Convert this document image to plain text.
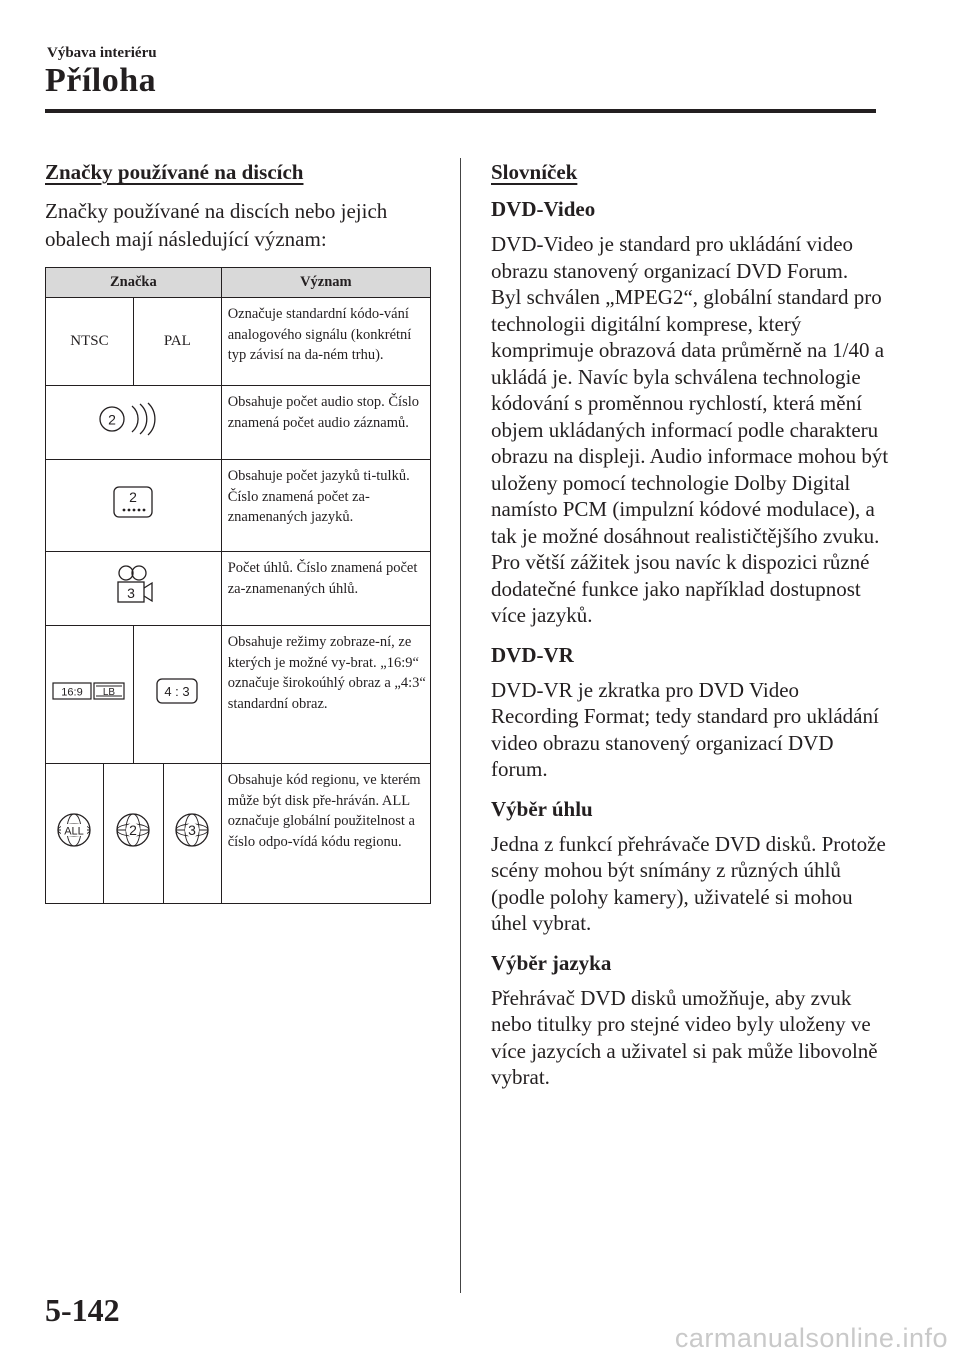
Výbava interiéru
Příloha
Značky používané na discích

Značky používané na discích nebo jejich obalech mají následující význam:

Značka				Význam
NTSC		PAL		Označuje standardní kódo-vání analogového signálu (konkrétní typ závisí na da-ném trhu).

2				Obsahuje počet audio stop. Číslo znamená počet audio záznamů.

2				Obsahuje počet jazyků ti-tulků. Číslo znamená počet za-znamenaných jazyků.

3				Počet úhlů. Číslo znamená počet za-znamenaných úhlů.

16:9 LB		4 : 3		Obsahuje režimy zobraze-ní, ze kterých je možné vy-brat. „16:9“ označuje širokoúhlý obraz a „4:3“ standardní obraz.

ALL	2		3	Obsahuje kód regionu, ve kterém může být disk pře-hráván. ALL označuje globální použitelnost a číslo odpo-vídá kódu regionu.
Slovníček
DVD-Video

DVD-Video je standard pro ukládání video obrazu stanovený organizací DVD Forum.

Byl schválen „MPEG2“, globální standard pro technologii digitální komprese, který komprimuje obrazová data průměrně na 1/40 a ukládá je. Navíc byla schválena technologie kódování s proměnnou rychlostí, která mění objem ukládaných informací podle charakteru obrazu na displeji. Audio informace mohou být uloženy pomocí technologie Dolby Digital namísto PCM (impulzní kódové modulace), a tak je možné dosáhnout realističtějšího zvuku.

Pro větší zážitek jsou navíc k dispozici různé dodatečné funkce jako například dostupnost více jazyků.

DVD-VR

DVD-VR je zkratka pro DVD Video Recording Format; tedy standard pro ukládání video obrazu stanovený organizací DVD forum.

Výběr úhlu

Jedna z funkcí přehrávače DVD disků. Protože scény mohou být snímány z různých úhlů (podle polohy kamery), uživatelé si mohou úhel vybrat.

Výběr jazyka

Přehrávač DVD disků umožňuje, aby zvuk nebo titulky pro stejné video byly uloženy ve více jazycích a uživatel si pak může libovolně vybrat.

5-142
carmanualsonline.info
